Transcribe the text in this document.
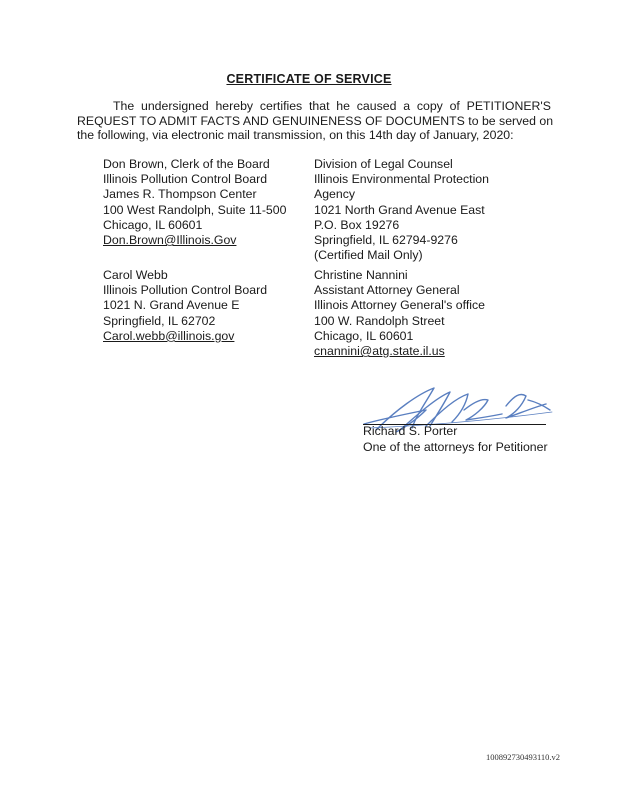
CERTIFICATE OF SERVICE
The undersigned hereby certifies that he caused a copy of PETITIONER'S
REQUEST TO ADMIT FACTS AND GENUINENESS OF DOCUMENTS to be served on
the following, via electronic mail transmission, on this 14th day of January, 2020:
Don Brown, Clerk of the Board
Illinois Pollution Control Board
James R. Thompson Center
100 West Randolph, Suite 11-500
Chicago, IL 60601
Don.Brown@Illinois.Gov
Division of Legal Counsel
Illinois Environmental Protection
Agency
1021 North Grand Avenue East
P.O. Box 19276
Springfield, IL 62794-9276
(Certified Mail Only)
Carol Webb
Illinois Pollution Control Board
1021 N. Grand Avenue E
Springfield, IL 62702
Carol.webb@illinois.gov
Christine Nannini
Assistant Attorney General
Illinois Attorney General's office
100 W. Randolph Street
Chicago, IL 60601
cnannini@atg.state.il.us
Richard S. Porter
One of the attorneys for Petitioner
100892730493110.v2
